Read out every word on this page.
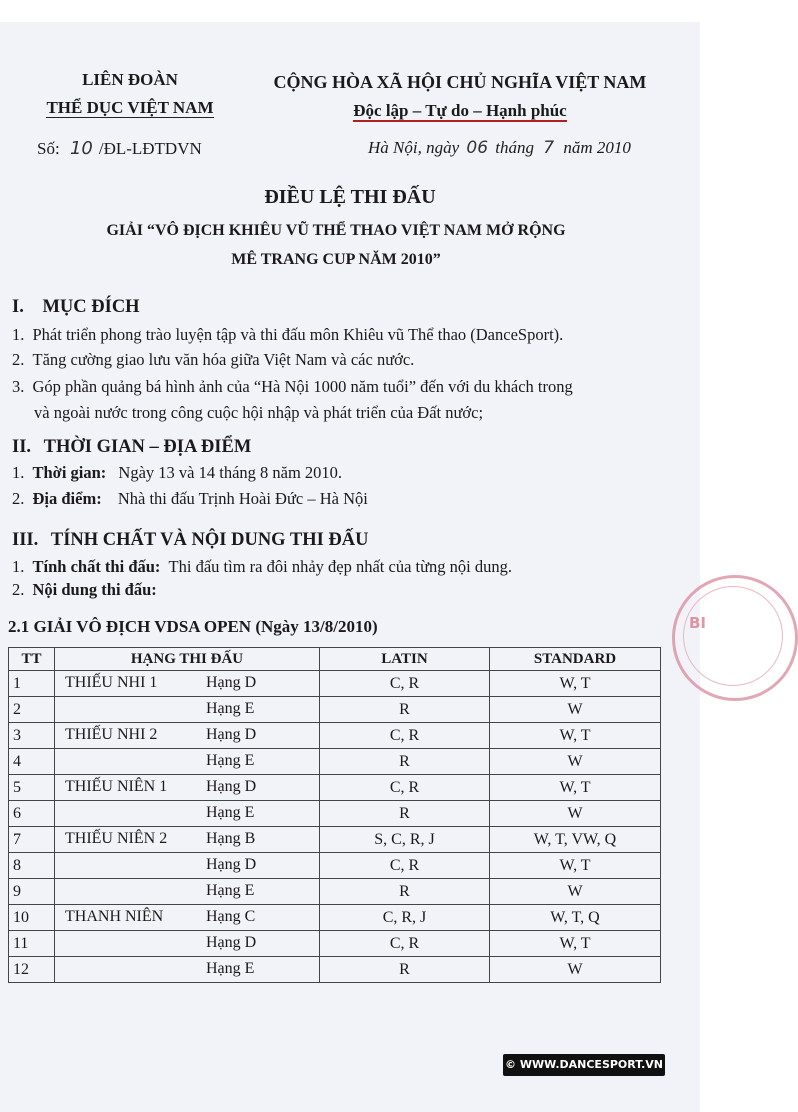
LIÊN ĐOÀN
THỂ DỤC VIỆT NAM
CỘNG HÒA XÃ HỘI CHỦ NGHĨA VIỆT NAM
Độc lập – Tự do – Hạnh phúc
Số: 10 /ĐL-LĐTDVN	Hà Nội, ngày 06 tháng 7 năm 2010
ĐIỀU LỆ THI ĐẤU
GIẢI “VÔ ĐỊCH KHIÊU VŨ THỂ THAO VIỆT NAM MỞ RỘNG
MÊ TRANG CUP NĂM 2010”
I. MỤC ĐÍCH
1. Phát triển phong trào luyện tập và thi đấu môn Khiêu vũ Thể thao (DanceSport).
2. Tăng cường giao lưu văn hóa giữa Việt Nam và các nước.
3. Góp phần quảng bá hình ảnh của “Hà Nội 1000 năm tuổi” đến với du khách trong
và ngoài nước trong công cuộc hội nhập và phát triển của Đất nước;
II. THỜI GIAN – ĐỊA ĐIỂM
1. Thời gian: Ngày 13 và 14 tháng 8 năm 2010.
2. Địa điểm: Nhà thi đấu Trịnh Hoài Đức – Hà Nội
III. TÍNH CHẤT VÀ NỘI DUNG THI ĐẤU
1. Tính chất thi đấu: Thi đấu tìm ra đôi nhảy đẹp nhất của từng nội dung.
2. Nội dung thi đấu:
2.1 GIẢI VÔ ĐỊCH VDSA OPEN (Ngày 13/8/2010)
TT	HẠNG THI ĐẤU	LATIN	STANDARD
1	THIẾU NHI 1 Hạng D	C, R	W, T
2	Hạng E	R	W
3	THIẾU NHI 2 Hạng D	C, R	W, T
4	Hạng E	R	W
5	THIẾU NIÊN 1 Hạng D	C, R	W, T
6	Hạng E	R	W
7	THIẾU NIÊN 2 Hạng B	S, C, R, J	W, T, VW, Q
8	Hạng D	C, R	W, T
9	Hạng E	R	W
10	THANH NIÊN Hạng C	C, R, J	W, T, Q
11	Hạng D	C, R	W, T
12	Hạng E	R	W
BI
© WWW.DANCESPORT.VN
